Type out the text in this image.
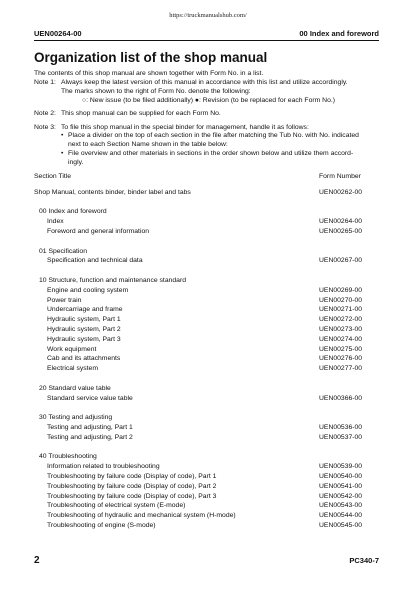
https://truckmanualshub.com/
UEN00264-00	00 Index and foreword
Organization list of the shop manual
The contents of this shop manual are shown together with Form No. in a list.
Note 1: Always keep the latest version of this manual in accordance with this list and utilize accordingly.
The marks shown to the right of Form No. denote the following:
○: New issue (to be filed additionally) ●: Revision (to be replaced for each Form No.)
Note 2: This shop manual can be supplied for each Form No.
Note 3: To file this shop manual in the special binder for management, handle it as follows:
• Place a divider on the top of each section in the file after matching the Tub No. with No. indicated
next to each Section Name shown in the table below:
• File overview and other materials in sections in the order shown below and utilize them accord-
ingly.
Section Title	Form Number
Shop Manual, contents binder, binder label and tabs	UEN00262-00
00 Index and foreword
Index	UEN00264-00
Foreword and general information	UEN00265-00
01 Specification
Specification and technical data	UEN00267-00
10 Structure, function and maintenance standard
Engine and cooling system	UEN00269-00
Power train	UEN00270-00
Undercarriage and frame	UEN00271-00
Hydraulic system, Part 1	UEN00272-00
Hydraulic system, Part 2	UEN00273-00
Hydraulic system, Part 3	UEN00274-00
Work equipment	UEN00275-00
Cab and its attachments	UEN00276-00
Electrical system	UEN00277-00
20 Standard value table
Standard service value table	UEN00366-00
30 Testing and adjusting
Testing and adjusting, Part 1	UEN00536-00
Testing and adjusting, Part 2	UEN00537-00
40 Troubleshooting
Information related to troubleshooting	UEN00539-00
Troubleshooting by failure code (Display of code), Part 1	UEN00540-00
Troubleshooting by failure code (Display of code), Part 2	UEN00541-00
Troubleshooting by failure code (Display of code), Part 3	UEN00542-00
Troubleshooting of electrical system (E-mode)	UEN00543-00
Troubleshooting of hydraulic and mechanical system (H-mode)	UEN00544-00
Troubleshooting of engine (S-mode)	UEN00545-00
2	PC340-7
